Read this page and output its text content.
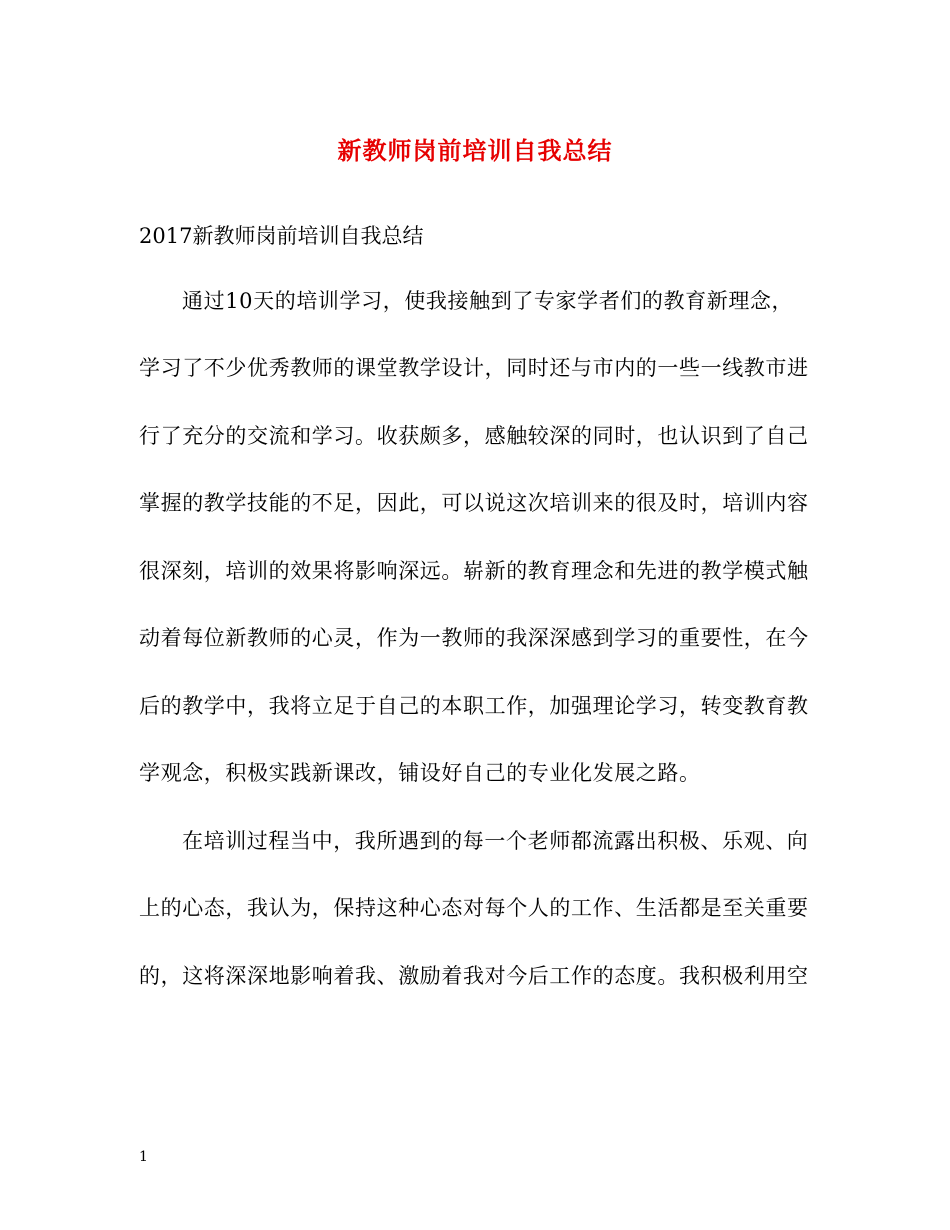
新教师岗前培训自我总结
2017新教师岗前培训自我总结
通过10天的培训学习，使我接触到了专家学者们的教育新理念，
学习了不少优秀教师的课堂教学设计，同时还与市内的一些一线教市进
行了充分的交流和学习。收获颇多，感触较深的同时，也认识到了自己
掌握的教学技能的不足，因此，可以说这次培训来的很及时，培训内容
很深刻，培训的效果将影响深远。崭新的教育理念和先进的教学模式触
动着每位新教师的心灵，作为一教师的我深深感到学习的重要性，在今
后的教学中，我将立足于自己的本职工作，加强理论学习，转变教育教
学观念，积极实践新课改，铺设好自己的专业化发展之路。
在培训过程当中，我所遇到的每一个老师都流露出积极、乐观、向
上的心态，我认为，保持这种心态对每个人的工作、生活都是至关重要
的，这将深深地影响着我、激励着我对今后工作的态度。我积极利用空
1
